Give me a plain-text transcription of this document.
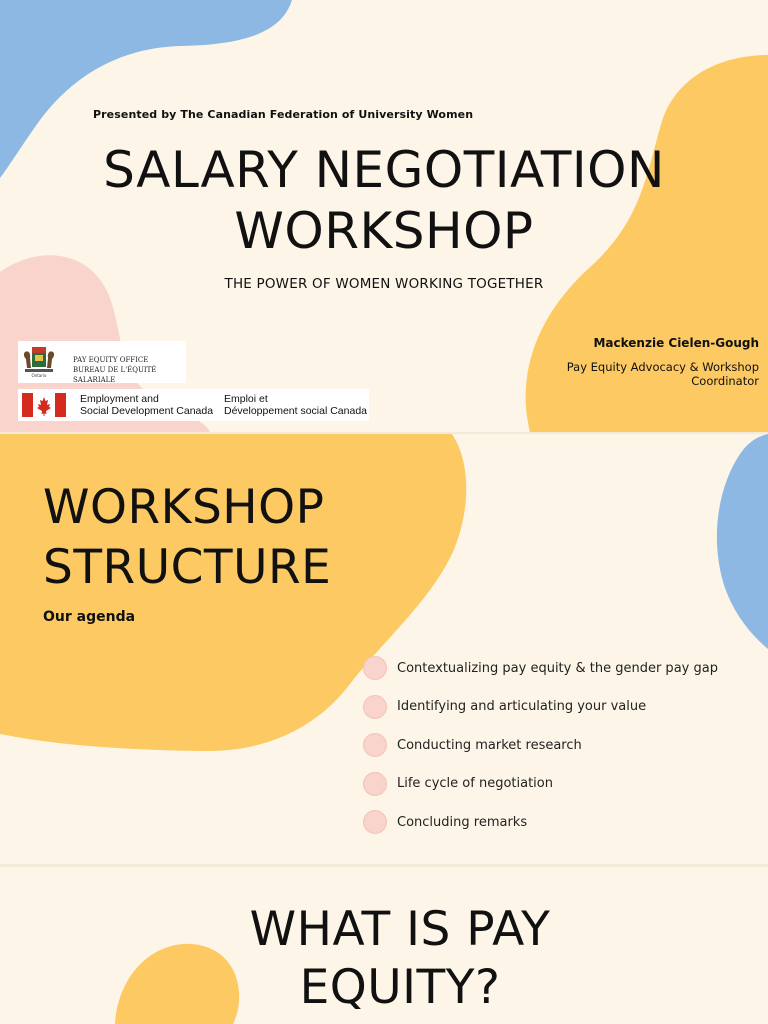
Presented by The Canadian Federation of University Women

SALARY NEGOTIATION
WORKSHOP

THE POWER OF WOMEN WORKING TOGETHER

Mackenzie Cielen-Gough

Pay Equity Advocacy & Workshop Coordinator

Ontario
PAY EQUITY OFFICE
BUREAU DE L'ÉQUITÉ SALARIALE
Employment and
Social Development Canada
Emploi et
Développement social Canada
WORKSHOP
STRUCTURE

Our agenda

Contextualizing pay equity & the gender pay gap
Identifying and articulating your value
Conducting market research
Life cycle of negotiation
Concluding remarks
WHAT IS PAY
EQUITY?
